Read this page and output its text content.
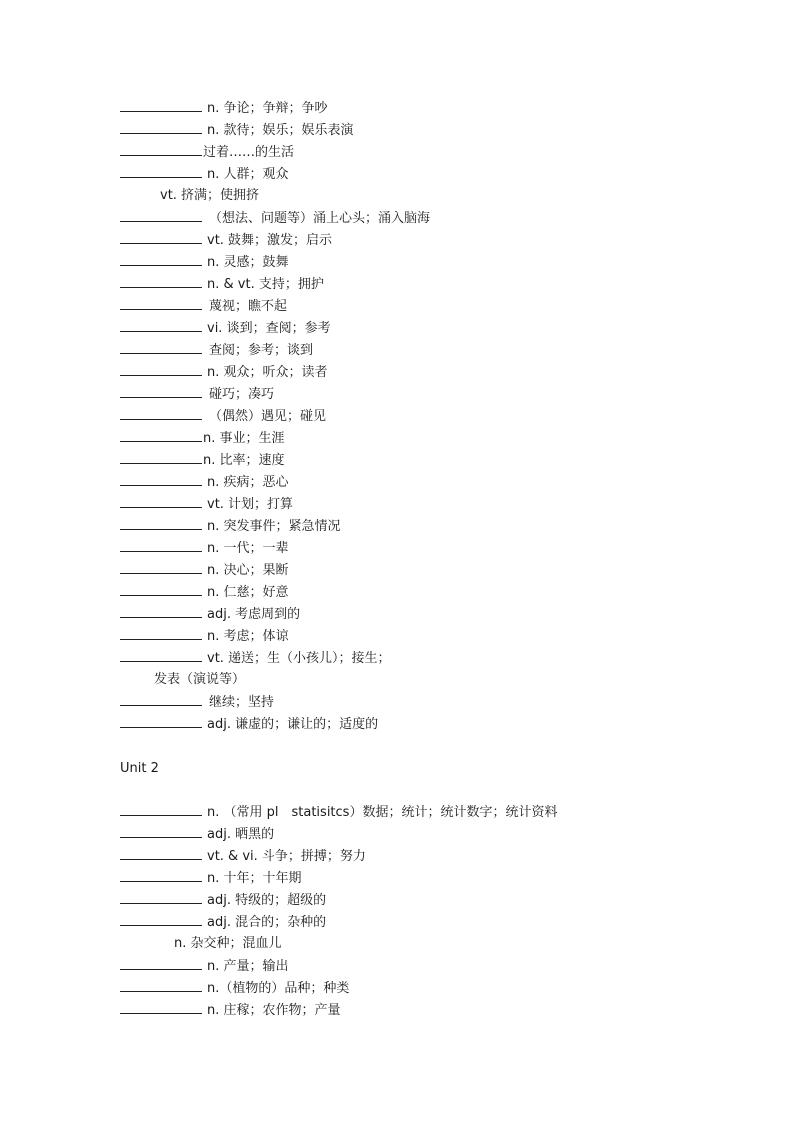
n. 争论；争辩；争吵
n. 款待；娱乐；娱乐表演
过着……的生活
n. 人群；观众
vt. 挤满；使拥挤
（想法、问题等）涌上心头；涌入脑海
vt. 鼓舞；激发；启示
n. 灵感；鼓舞
n. & vt. 支持；拥护
蔑视；瞧不起
vi. 谈到；查阅；参考
查阅；参考；谈到
n. 观众；听众；读者
碰巧；凑巧
（偶然）遇见；碰见
n. 事业；生涯
n. 比率；速度
n. 疾病；恶心
vt. 计划；打算
n. 突发事件；紧急情况
n. 一代；一辈
n. 决心；果断
n. 仁慈；好意
adj. 考虑周到的
n. 考虑；体谅
vt. 递送；生（小孩儿）；接生；
发表（演说等）
继续；坚持
adj. 谦虚的；谦让的；适度的
Unit 2
n. （常用 pl　statisitcs）数据；统计；统计数字；统计资料
adj. 晒黑的
vt. & vi. 斗争；拼搏；努力
n. 十年；十年期
adj. 特级的；超级的
adj. 混合的；杂种的
n. 杂交种；混血儿
n. 产量；输出
n.（植物的）品种；种类
n. 庄稼；农作物；产量
